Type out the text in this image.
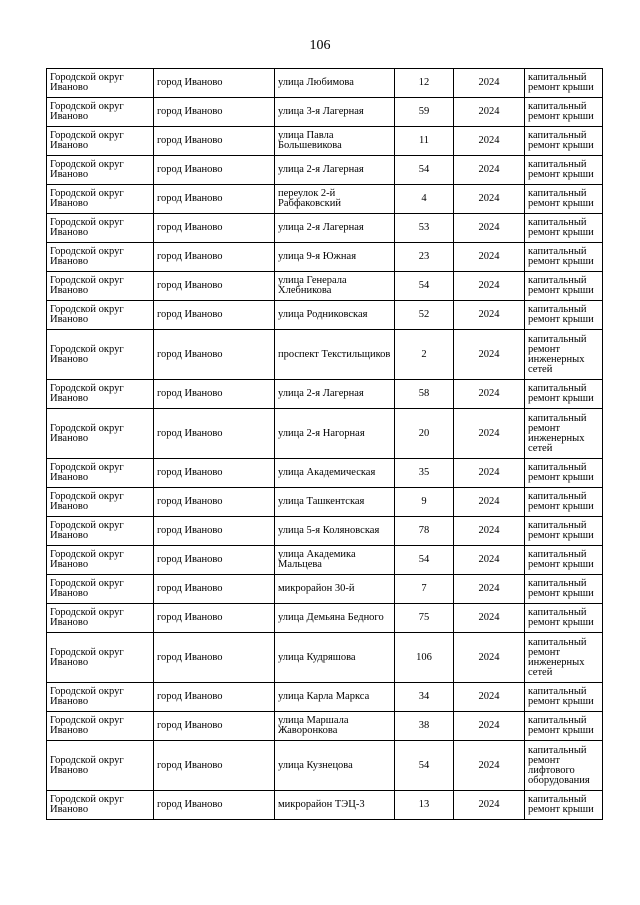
106
Городской округ Иваново	город Иваново	улица Любимова	12	2024	капитальный ремонт крыши
Городской округ Иваново	город Иваново	улица 3-я Лагерная	59	2024	капитальный ремонт крыши
Городской округ Иваново	город Иваново	улица Павла Большевикова	11	2024	капитальный ремонт крыши
Городской округ Иваново	город Иваново	улица 2-я Лагерная	54	2024	капитальный ремонт крыши
Городской округ Иваново	город Иваново	переулок 2-й Рабфаковский	4	2024	капитальный ремонт крыши
Городской округ Иваново	город Иваново	улица 2-я Лагерная	53	2024	капитальный ремонт крыши
Городской округ Иваново	город Иваново	улица 9-я Южная	23	2024	капитальный ремонт крыши
Городской округ Иваново	город Иваново	улица Генерала Хлебникова	54	2024	капитальный ремонт крыши
Городской округ Иваново	город Иваново	улица Родниковская	52	2024	капитальный ремонт крыши
Городской округ Иваново	город Иваново	проспект Текстильщиков	2	2024	капитальный ремонт инженерных сетей
Городской округ Иваново	город Иваново	улица 2-я Лагерная	58	2024	капитальный ремонт крыши
Городской округ Иваново	город Иваново	улица 2-я Нагорная	20	2024	капитальный ремонт инженерных сетей
Городской округ Иваново	город Иваново	улица Академическая	35	2024	капитальный ремонт крыши
Городской округ Иваново	город Иваново	улица Ташкентская	9	2024	капитальный ремонт крыши
Городской округ Иваново	город Иваново	улица 5-я Коляновская	78	2024	капитальный ремонт крыши
Городской округ Иваново	город Иваново	улица Академика Мальцева	54	2024	капитальный ремонт крыши
Городской округ Иваново	город Иваново	микрорайон 30-й	7	2024	капитальный ремонт крыши
Городской округ Иваново	город Иваново	улица Демьяна Бедного	75	2024	капитальный ремонт крыши
Городской округ Иваново	город Иваново	улица Кудряшова	106	2024	капитальный ремонт инженерных сетей
Городской округ Иваново	город Иваново	улица Карла Маркса	34	2024	капитальный ремонт крыши
Городской округ Иваново	город Иваново	улица Маршала Жаворонкова	38	2024	капитальный ремонт крыши
Городской округ Иваново	город Иваново	улица Кузнецова	54	2024	капитальный ремонт лифтового оборудования
Городской округ Иваново	город Иваново	микрорайон ТЭЦ-3	13	2024	капитальный ремонт крыши
